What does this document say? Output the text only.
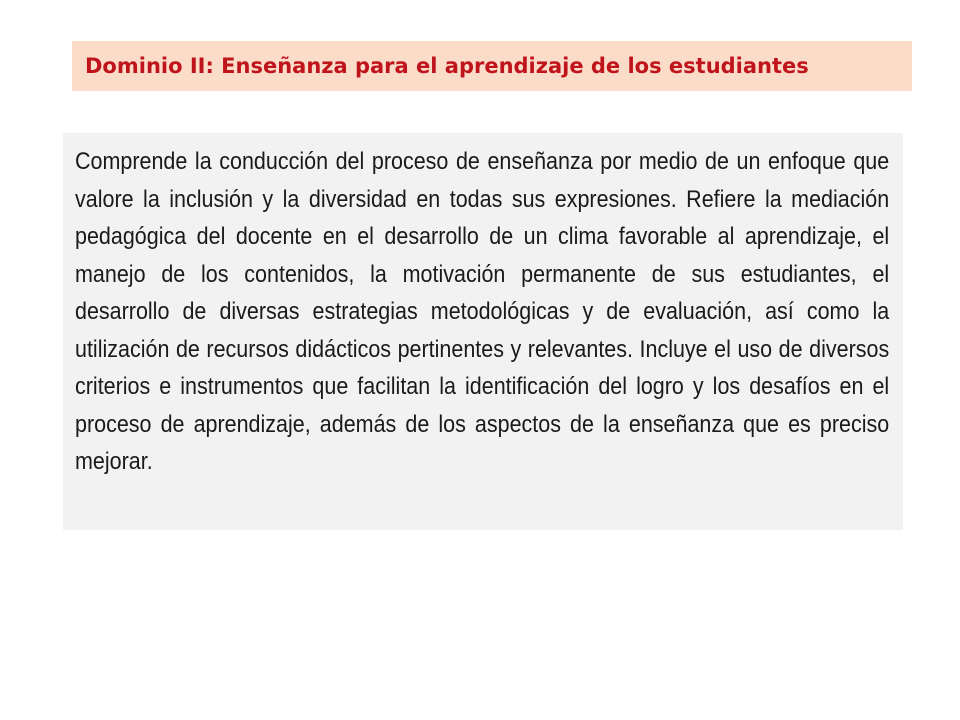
Dominio II: Enseñanza para el aprendizaje de los estudiantes

Comprende la conducción del proceso de enseñanza por medio de un enfoque que valore la inclusión y la diversidad en todas sus expresiones. Refiere la mediación pedagógica del docente en el desarrollo de un clima favorable al aprendizaje, el manejo de los contenidos, la motivación permanente de sus estudiantes, el desarrollo de diversas estrategias metodológicas y de evaluación, así como la utilización de recursos didácticos pertinentes y relevantes. Incluye el uso de diversos criterios e instrumentos que facilitan la identificación del logro y los desafíos en el proceso de aprendizaje, además de los aspectos de la enseñanza que es preciso mejorar.
